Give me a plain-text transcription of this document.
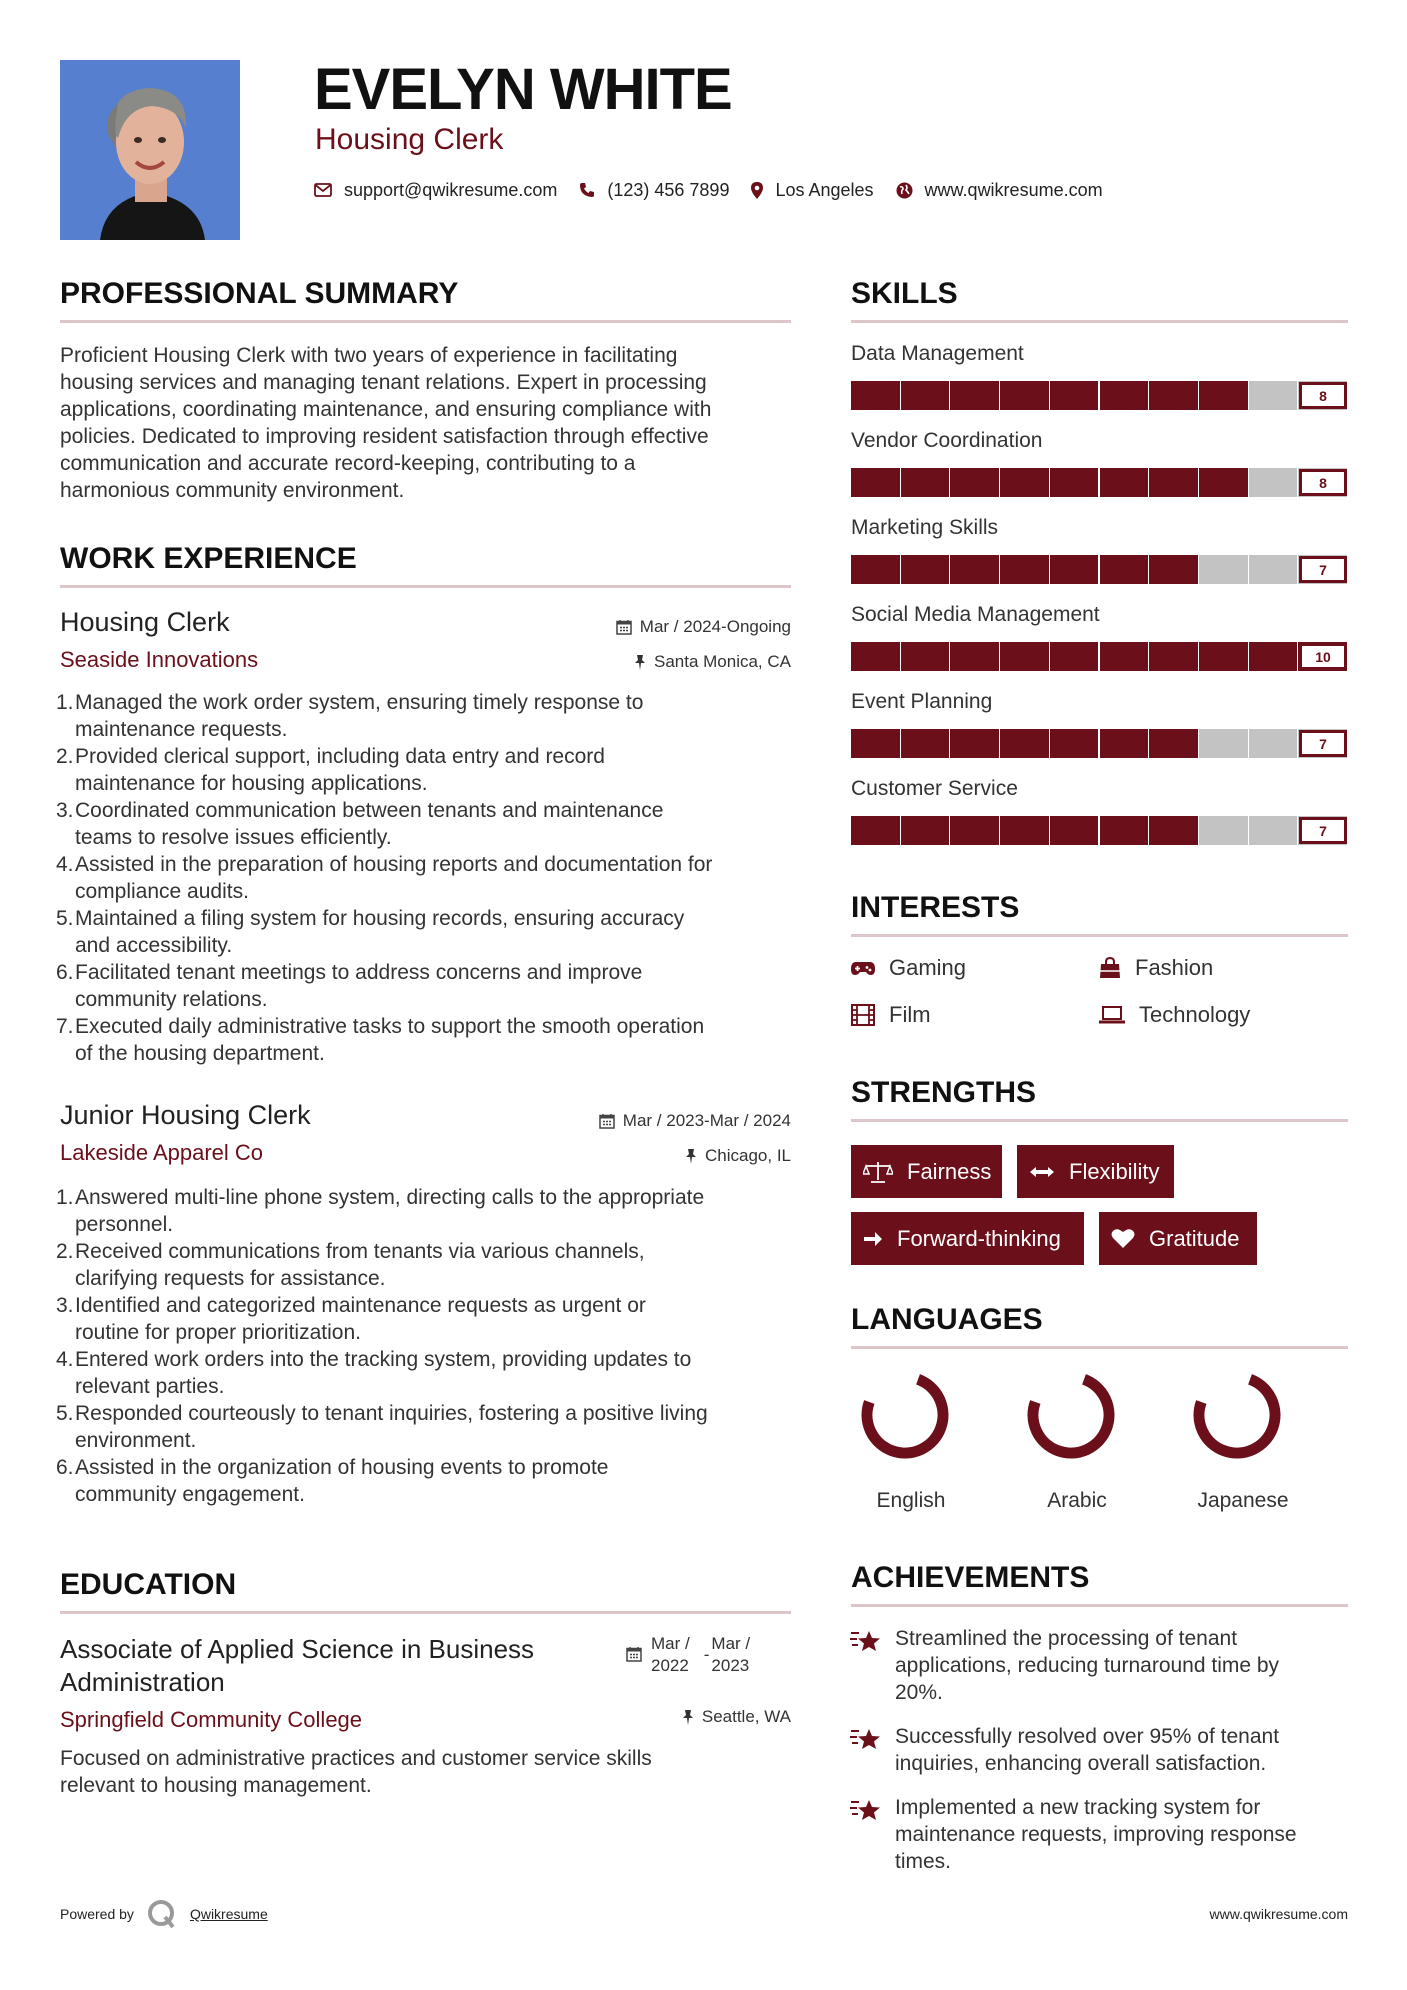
EVELYN WHITE
Housing Clerk
support@qwikresume.com	(123) 456 7899	Los Angeles	www.qwikresume.com
PROFESSIONAL SUMMARY
Proficient Housing Clerk with two years of experience in facilitating
housing services and managing tenant relations. Expert in processing
applications, coordinating maintenance, and ensuring compliance with
policies. Dedicated to improving resident satisfaction through effective
communication and accurate record-keeping, contributing to a
harmonious community environment.
WORK EXPERIENCE
Housing Clerk
Seaside Innovations
Mar / 2024-Ongoing
Santa Monica, CA
1. Managed the work order system, ensuring timely response to
maintenance requests.
2. Provided clerical support, including data entry and record
maintenance for housing applications.
3. Coordinated communication between tenants and maintenance
teams to resolve issues efficiently.
4. Assisted in the preparation of housing reports and documentation for
compliance audits.
5. Maintained a filing system for housing records, ensuring accuracy
and accessibility.
6. Facilitated tenant meetings to address concerns and improve
community relations.
7. Executed daily administrative tasks to support the smooth operation
of the housing department.
Junior Housing Clerk
Lakeside Apparel Co
Mar / 2023-Mar / 2024
Chicago, IL
1. Answered multi-line phone system, directing calls to the appropriate
personnel.
2. Received communications from tenants via various channels,
clarifying requests for assistance.
3. Identified and categorized maintenance requests as urgent or
routine for proper prioritization.
4. Entered work orders into the tracking system, providing updates to
relevant parties.
5. Responded courteously to tenant inquiries, fostering a positive living
environment.
6. Assisted in the organization of housing events to promote
community engagement.
EDUCATION
Associate of Applied Science in Business
Administration
Springfield Community College
Mar /
2022
-
Mar /
2023
Seattle, WA
Focused on administrative practices and customer service skills
relevant to housing management.
SKILLS
Data Management
8
Vendor Coordination
8
Marketing Skills
7
Social Media Management
10
Event Planning
7
Customer Service
7
INTERESTS
Gaming	Fashion
Film	Technology
STRENGTHS
Fairness	Flexibility
Forward-thinking	Gratitude
LANGUAGES
English	Arabic	Japanese
ACHIEVEMENTS
Streamlined the processing of tenant
applications, reducing turnaround time by
20%.
Successfully resolved over 95% of tenant
inquiries, enhancing overall satisfaction.
Implemented a new tracking system for
maintenance requests, improving response
times.
Powered by	Qwikresume	www.qwikresume.com
